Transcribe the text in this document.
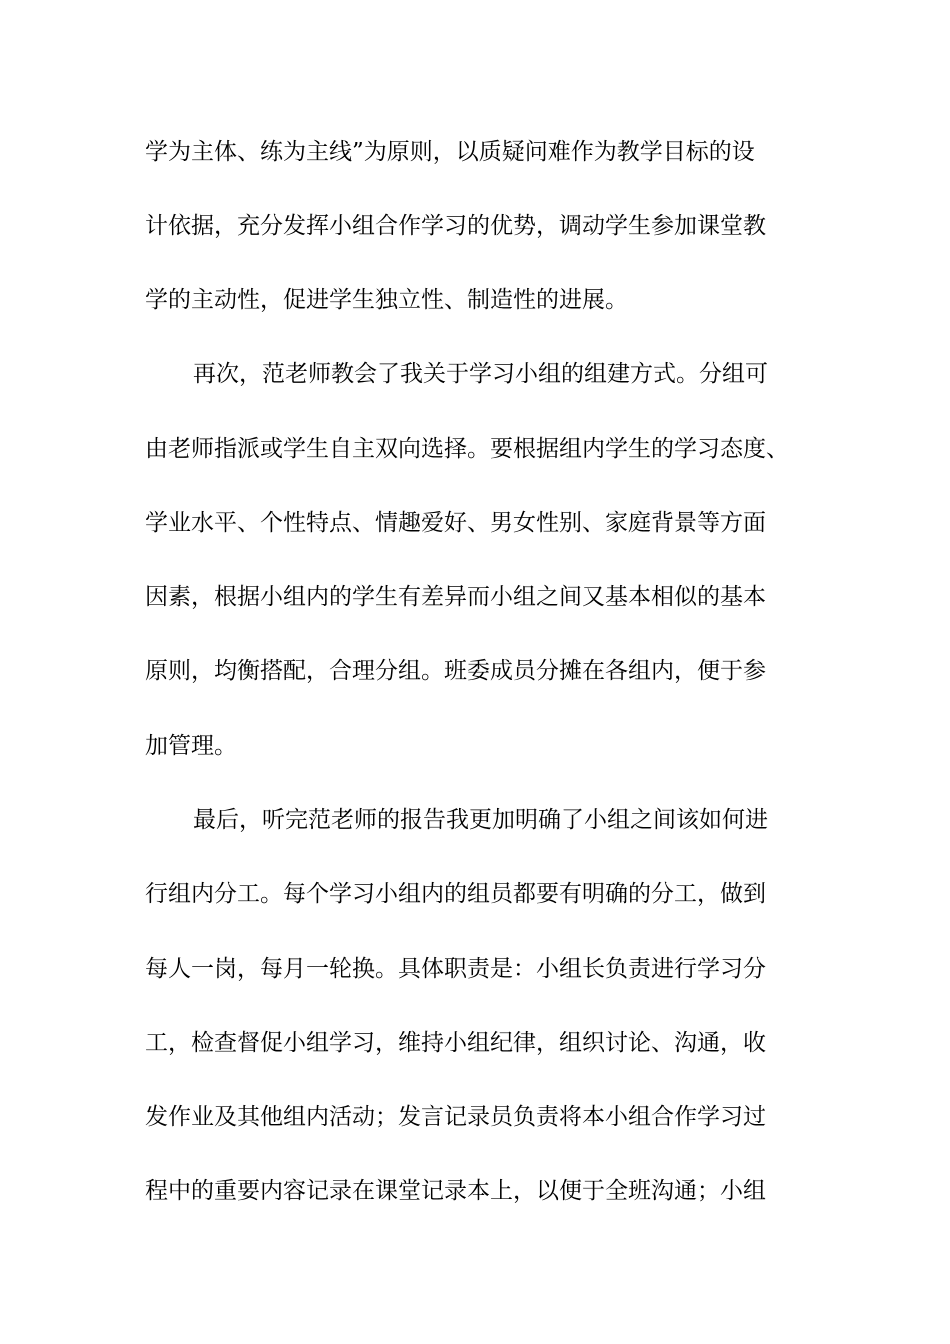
学为主体、练为主线”为原则，以质疑问难作为教学目标的设

计依据，充分发挥小组合作学习的优势，调动学生参加课堂教

学的主动性，促进学生独立性、制造性的进展。

再次，范老师教会了我关于学习小组的组建方式。分组可

由老师指派或学生自主双向选择。要根据组内学生的学习态度、

学业水平、个性特点、情趣爱好、男女性别、家庭背景等方面

因素，根据小组内的学生有差异而小组之间又基本相似的基本

原则，均衡搭配，合理分组。班委成员分摊在各组内，便于参

加管理。

最后，听完范老师的报告我更加明确了小组之间该如何进

行组内分工。每个学习小组内的组员都要有明确的分工，做到

每人一岗，每月一轮换。具体职责是：小组长负责进行学习分

工，检查督促小组学习，维持小组纪律，组织讨论、沟通，收

发作业及其他组内活动；发言记录员负责将本小组合作学习过

程中的重要内容记录在课堂记录本上，以便于全班沟通；小组
